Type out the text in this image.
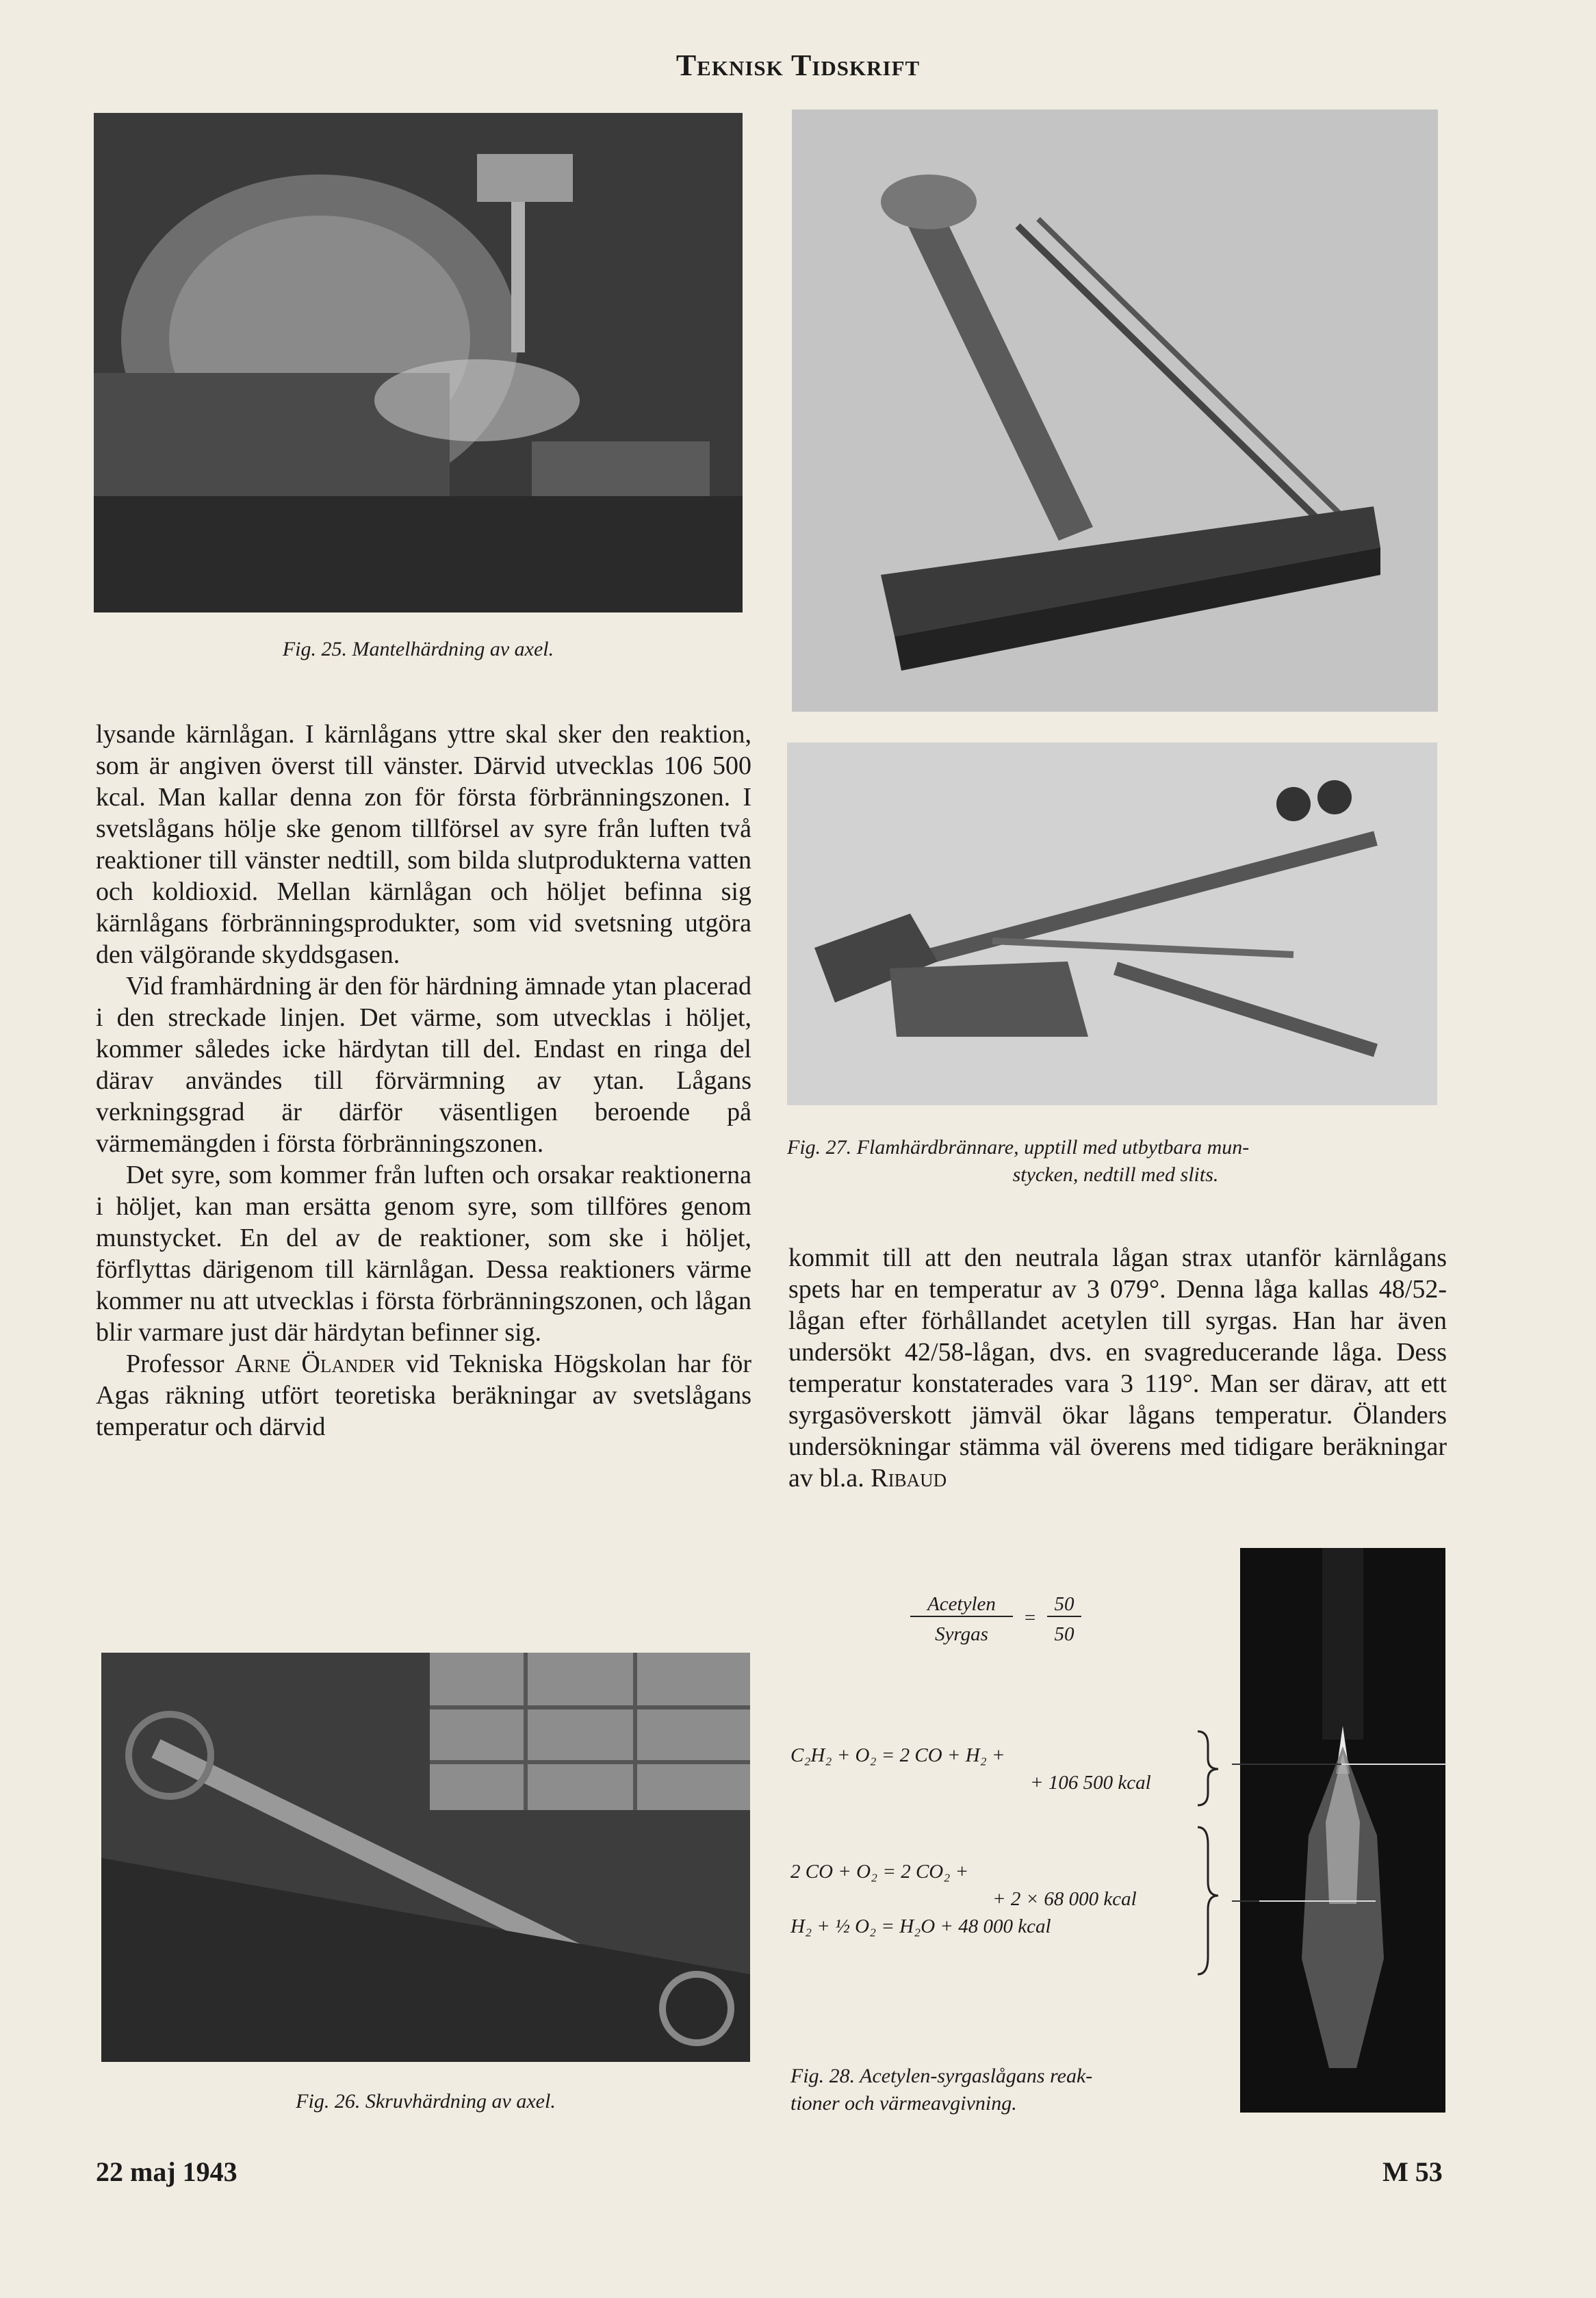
Teknisk Tidskrift
Fig. 25. Mantelhärdning av axel.
Fig. 27. Flamhärdbrännare, upptill med utbytbara mun-
stycken, nedtill med slits.

lysande kärnlågan. I kärnlågans yttre skal sker den reaktion, som är angiven överst till vänster. Därvid utvecklas 106 500 kcal. Man kallar denna zon för första förbränningszonen. I svetslågans hölje ske genom tillförsel av syre från luften två reaktioner till vänster nedtill, som bilda slutprodukterna vatten och koldioxid. Mellan kärnlågan och höljet befinna sig kärnlågans förbränningsprodukter, som vid svetsning utgöra den välgörande skyddsgasen.

Vid framhärdning är den för härdning ämnade ytan placerad i den streckade linjen. Det värme, som utvecklas i höljet, kommer således icke härdytan till del. Endast en ringa del därav användes till förvärmning av ytan. Lågans verkningsgrad är därför väsentligen beroende på värmemängden i första förbränningszonen.

Det syre, som kommer från luften och orsakar reaktionerna i höljet, kan man ersätta genom syre, som tillföres genom munstycket. En del av de reaktioner, som ske i höljet, förflyttas därigenom till kärnlågan. Dessa reaktioners värme kommer nu att utvecklas i första förbränningszonen, och lågan blir varmare just där härdytan befinner sig.

Professor Arne Ölander vid Tekniska Högskolan har för Agas räkning utfört teoretiska beräkningar av svetslågans temperatur och därvid

kommit till att den neutrala lågan strax utanför kärnlågans spets har en temperatur av 3 079°. Denna låga kallas 48/52-lågan efter förhållandet acetylen till syrgas. Han har även undersökt 42/58-lågan, dvs. en svagreducerande låga. Dess temperatur konstaterades vara 3 119°. Man ser därav, att ett syrgasöverskott jämväl ökar lågans temperatur. Ölanders undersökningar stämma väl överens med tidigare beräkningar av bl.a. Ribaud

Fig. 26. Skruvhärdning av axel.
Acetylen
Syrgas
=
50
50
C₂H₂ + O₂ = 2 CO + H₂ +
+ 106 500 kcal
2 CO + O₂ = 2 CO₂ +
+ 2 × 68 000 kcal
H₂ + ½ O₂ = H₂O + 48 000 kcal
Fig. 28. Acetylen-syrgaslågans reak-
tioner och värmeavgivning.
22 maj 1943	M 53
